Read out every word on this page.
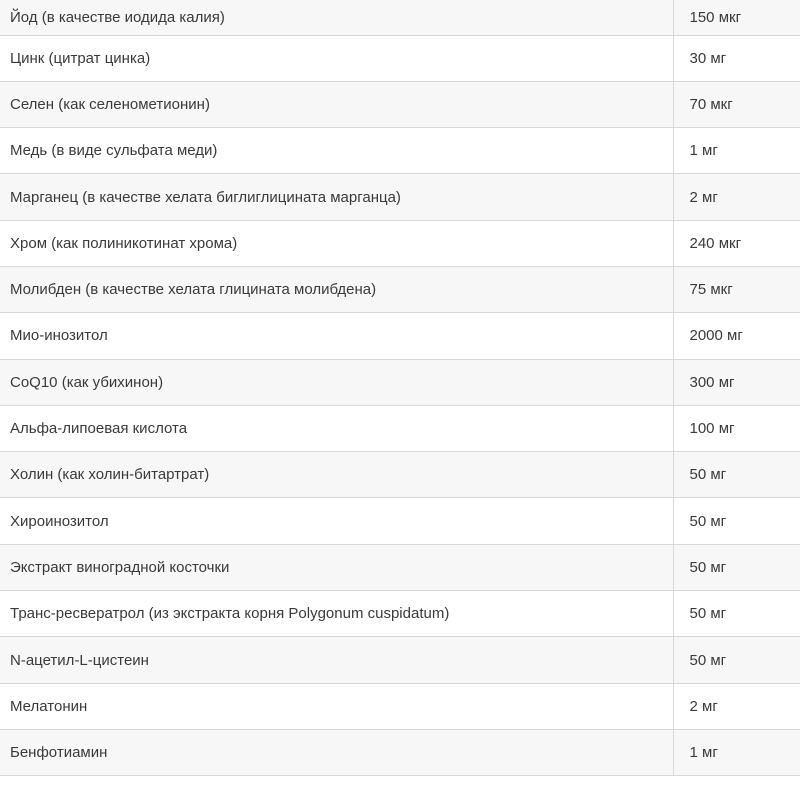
Йод (в качестве иодида калия)	150 мкг
Цинк (цитрат цинка)	30 мг
Селен (как селенометионин)	70 мкг
Медь (в виде сульфата меди)	1 мг
Марганец (в качестве хелата биглиглицината марганца)	2 мг
Хром (как полиникотинат хрома)	240 мкг
Молибден (в качестве хелата глицината молибдена)	75 мкг
Мио-инозитол	2000 мг
CoQ10 (как убихинон)	300 мг
Альфа-липоевая кислота	100 мг
Холин (как холин-битартрат)	50 мг
Хироинозитол	50 мг
Экстракт виноградной косточки	50 мг
Транс-ресвератрол (из экстракта корня Polygonum cuspidatum)	50 мг
N-ацетил-L-цистеин	50 мг
Мелатонин	2 мг
Бенфотиамин	1 мг
